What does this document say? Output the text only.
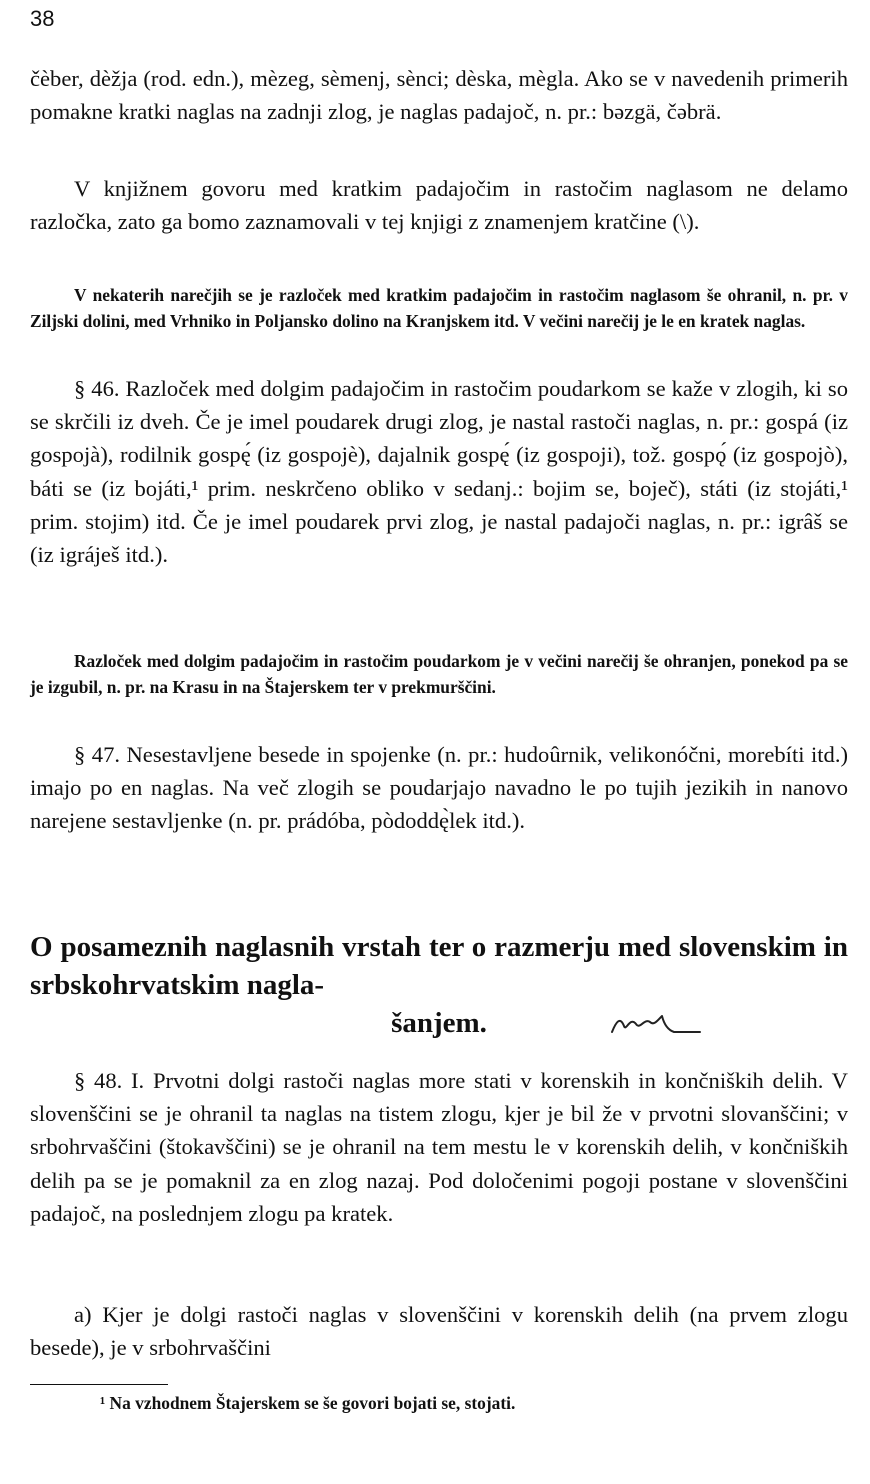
38

čèber, dèžja (rod. edn.), mèzeg, sèmenj, sènci; dèska, mègla. Ako se v navedenih primerih pomakne kratki naglas na zadnji zlog, je naglas padajoč, n. pr.: bəzgä, čəbrä.

V knjižnem govoru med kratkim padajočim in rastočim naglasom ne delamo razločka, zato ga bomo zaznamovali v tej knjigi z znamenjem kratčine (\).

V nekaterih narečjih se je razloček med kratkim padajočim in rastočim naglasom še ohranil, n. pr. v Ziljski dolini, med Vrhniko in Poljansko dolino na Kranjskem itd. V večini narečij je le en kratek naglas.

§ 46. Razloček med dolgim padajočim in rastočim poudarkom se kaže v zlogih, ki so se skrčili iz dveh. Če je imel poudarek drugi zlog, je nastal rastoči naglas, n. pr.: gospá (iz gospojà), rodilnik gospę́ (iz gospojè), dajalnik gospę́ (iz gospoji), tož. gospǫ́ (iz gospojò), báti se (iz bojáti,¹ prim. neskrčeno obliko v sedanj.: bojim se, boječ), státi (iz stojáti,¹ prim. stojim) itd. Če je imel poudarek prvi zlog, je nastal padajoči naglas, n. pr.: igrâš se (iz igráješ itd.).

Razloček med dolgim padajočim in rastočim poudarkom je v večini narečij še ohranjen, ponekod pa se je izgubil, n. pr. na Krasu in na Štajerskem ter v prekmurščini.

§ 47. Nesestavljene besede in spojenke (n. pr.: hudoûrnik, velikonóčni, morebíti itd.) imajo po en naglas. Na več zlogih se poudarjajo navadno le po tujih jezikih in nanovo narejene sestavljenke (n. pr. prádóba, pòdoddę̀lek itd.).

O posameznih naglasnih vrstah ter o razmerju med slovenskim in srbskohrvatskim nagla-
šanjem.

§ 48. I. Prvotni dolgi rastoči naglas more stati v korenskih in končniških delih. V slovenščini se je ohranil ta naglas na tistem zlogu, kjer je bil že v prvotni slovanščini; v srbohrvaščini (štokavščini) se je ohranil na tem mestu le v korenskih delih, v končniških delih pa se je pomaknil za en zlog nazaj. Pod določenimi pogoji postane v slovenščini padajoč, na poslednjem zlogu pa kratek.

a) Kjer je dolgi rastoči naglas v slovenščini v korenskih delih (na prvem zlogu besede), je v srbohrvaščini

¹ Na vzhodnem Štajerskem se še govori bojati se, stojati.
